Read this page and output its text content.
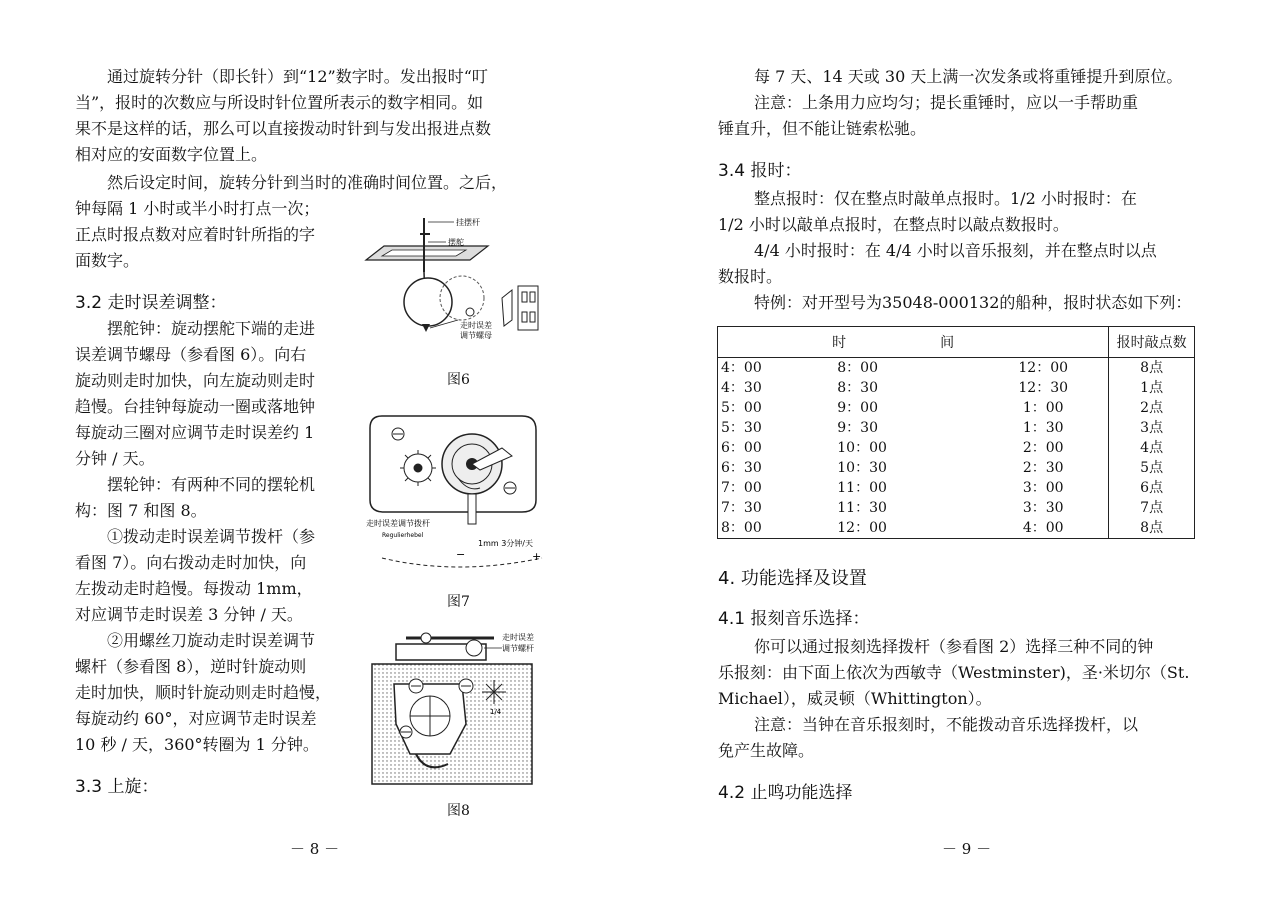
通过旋转分针（即长针）到“12”数字时。发出报时“叮
当”，报时的次数应与所设时针位置所表示的数字相同。如
果不是这样的话，那么可以直接拨动时针到与发出报进点数
相对应的安面数字位置上。

然后设定时间，旋转分针到当时的准确时间位置。之后，
钟每隔 1 小时或半小时打点一次；
正点时报点数对应着时针所指的字
面数字。

3.2 走时误差调整：

摆舵钟：旋动摆舵下端的走进
误差调节螺母（参看图 6）。向右
旋动则走时加快，向左旋动则走时
趋慢。台挂钟每旋动一圈或落地钟
每旋动三圈对应调节走时误差约 1
分钟 / 天。

摆轮钟：有两种不同的摆轮机
构：图 7 和图 8。

①拨动走时误差调节拨杆（参
看图 7）。向右拨动走时加快，向
左拨动走时趋慢。每拨动 1mm，
对应调节走时误差 3 分钟 / 天。

②用螺丝刀旋动走时误差调节
螺杆（参看图 8），逆时针旋动则
走时加快，顺时针旋动则走时趋慢，
每旋动约 60°，对应调节走时误差
10 秒 / 天，360°转圈为 1 分钟。

3.3 上旋：
挂摆杆
摆舵
走时误差
调节螺母
图6
走时误差调节拨杆
Regulierhebel
1mm 3分钟/天
−	+
图7
走时误差
调节螺杆
1/4
图8
－ 8 －

每 7 天、14 天或 30 天上满一次发条或将重锤提升到原位。

注意：上条用力应均匀；提长重锤时，应以一手帮助重
锤直升，但不能让链索松驰。

3.4 报时：

整点报时：仅在整点时敲单点报时。1/2 小时报时：在
1/2 小时以敲单点报时，在整点时以敲点数报时。

4/4 小时报时：在 4/4 小时以音乐报刻，并在整点时以点
数报时。

特例：对开型号为35048-000132的船种，报时状态如下列：

时　间			报时敲点数
4：00	8：00	12：00	8点
4：30	8：30	12：30	1点
5：00	9：00	1：00	2点
5：30	9：30	1：30	3点
6：00	10：00	2：00	4点
6：30	10：30	2：30	5点
7：00	11：00	3：00	6点
7：30	11：30	3：30	7点
8：00	12：00	4：00	8点
4. 功能选择及设置
4.1 报刻音乐选择：

你可以通过报刻选择拨杆（参看图 2）选择三种不同的钟
乐报刻：由下面上依次为西敏寺（Westminster)，圣·米切尔（St.
Michael），威灵顿（Whittington）。

注意：当钟在音乐报刻时，不能拨动音乐选择拨杆，以
免产生故障。

4.2 止鸣功能选择
－ 9 －
